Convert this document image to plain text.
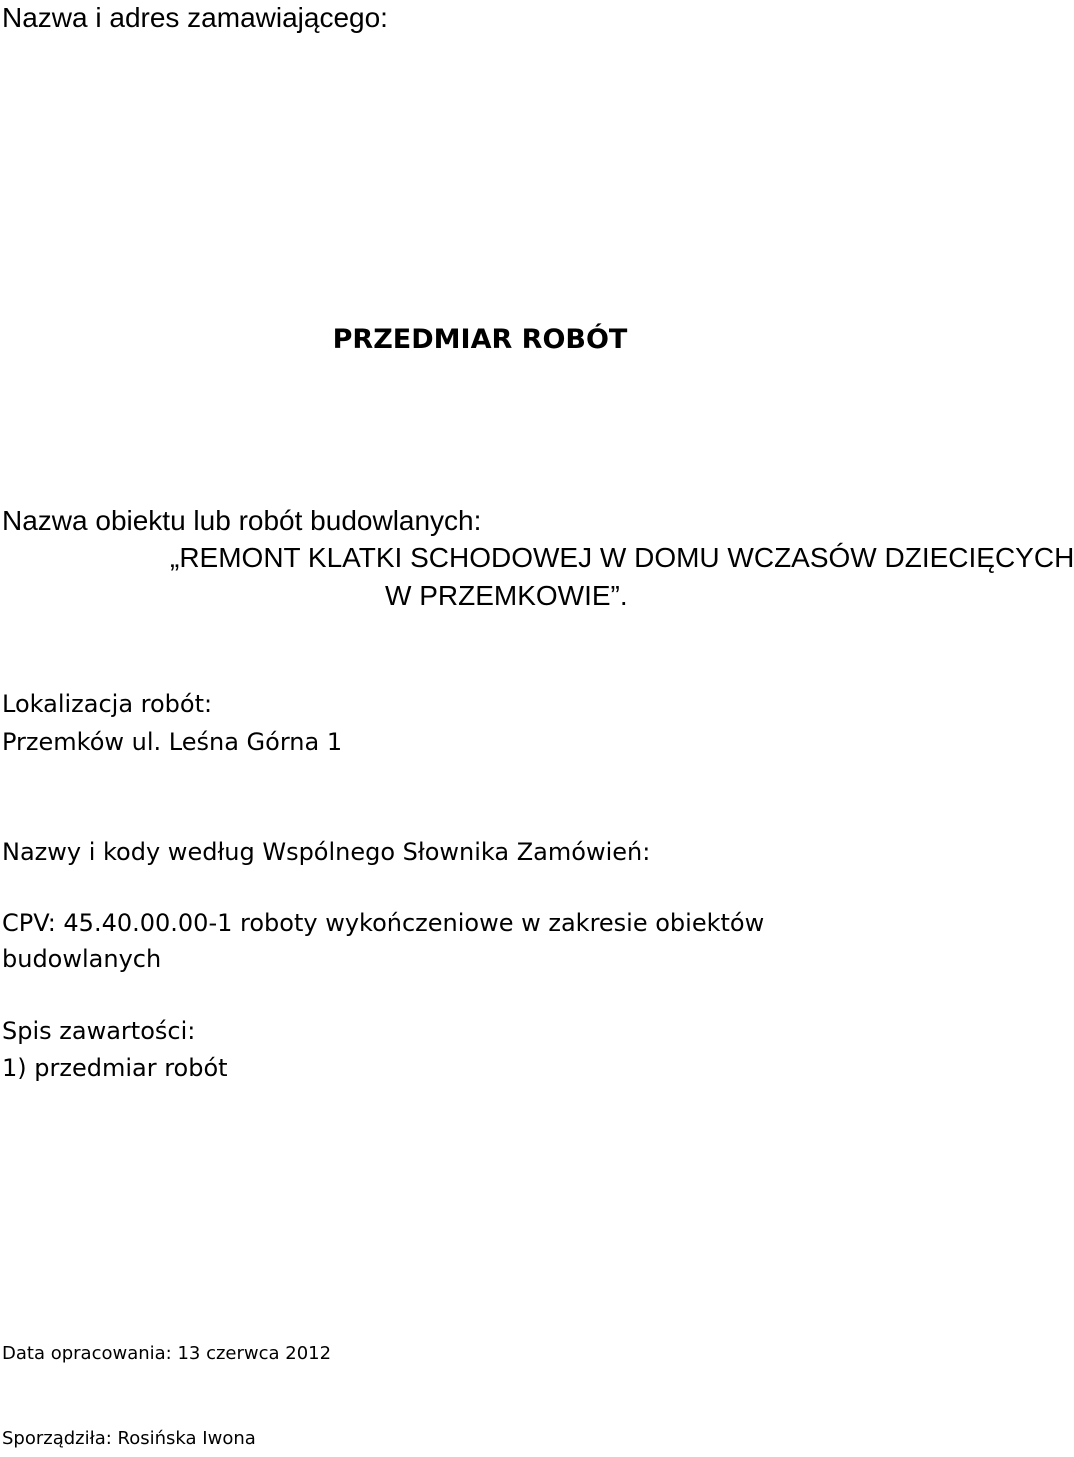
Nazwa i adres zamawiającego:

PRZEDMIAR ROBÓT

Nazwa obiektu lub robót budowlanych:

„REMONT KLATKI SCHODOWEJ W DOMU WCZASÓW DZIECIĘCYCH

W PRZEMKOWIE”.

Lokalizacja robót:

Przemków ul. Leśna Górna 1

Nazwy i kody według Wspólnego Słownika Zamówień:

CPV: 45.40.00.00-1 roboty wykończeniowe w zakresie obiektów

budowlanych

Spis zawartości:

1) przedmiar robót

Data opracowania: 13 czerwca 2012

Sporządziła: Rosińska Iwona
